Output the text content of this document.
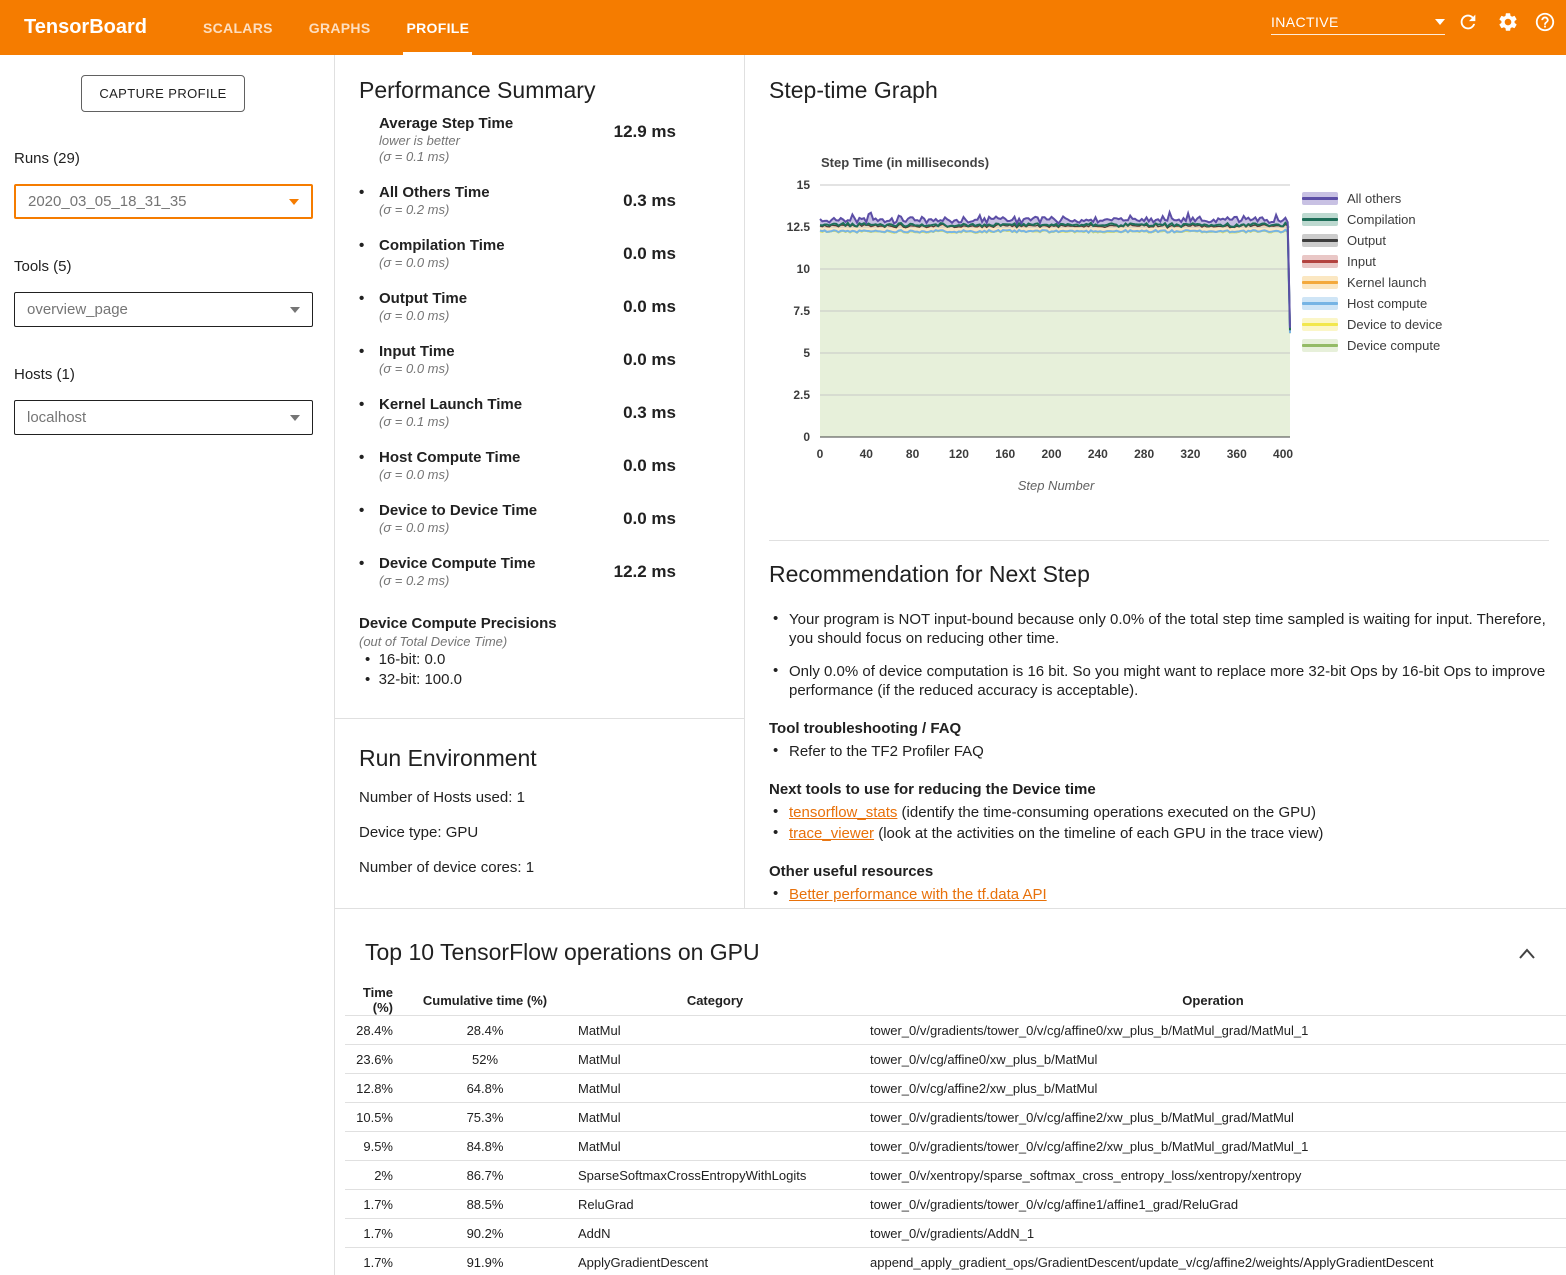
TensorBoard	SCALARS	GRAPHS	PROFILE	INACTIVE
CAPTURE PROFILE
Runs (29)
2020_03_05_18_31_35
Tools (5)
overview_page
Hosts (1)
localhost
Performance Summary
Average Step Time
lower is better
(σ = 0.1 ms)
12.9 ms
• All Others Time
(σ = 0.2 ms)	0.3 ms
• Compilation Time
(σ = 0.0 ms)	0.0 ms
• Output Time
(σ = 0.0 ms)	0.0 ms
• Input Time
(σ = 0.0 ms)	0.0 ms
• Kernel Launch Time
(σ = 0.1 ms)	0.3 ms
• Host Compute Time
(σ = 0.0 ms)	0.0 ms
• Device to Device Time
(σ = 0.0 ms)	0.0 ms
• Device Compute Time
(σ = 0.2 ms)	12.2 ms
Device Compute Precisions
(out of Total Device Time)
•  16-bit: 0.0
•  32-bit: 100.0
Run Environment
Number of Hosts used: 1
Device type: GPU
Number of device cores: 1
Step-time Graph
Step Time (in milliseconds)
0
2.5
5
7.5
10
12.5
15
0	40	80 120 160 200 240 280 320 360 400
Step Number
All others
Compilation
Output
Input
Kernel launch
Host compute
Device to device
Device compute
Recommendation for Next Step
• Your program is NOT input-bound because only 0.0% of the total step time sampled is waiting for input. Therefore, you should focus on reducing other time.
• Only 0.0% of device computation is 16 bit. So you might want to replace more 32-bit Ops by 16-bit Ops to improve performance (if the reduced accuracy is acceptable).
Tool troubleshooting / FAQ
• Refer to the TF2 Profiler FAQ
Next tools to use for reducing the Device time
• tensorflow_stats (identify the time-consuming operations executed on the GPU)
• trace_viewer (look at the activities on the timeline of each GPU in the trace view)
Other useful resources
• Better performance with the tf.data API
Top 10 TensorFlow operations on GPU
Time (%)	Cumulative time (%)	Category	Operation
28.4%	28.4%	MatMul	tower_0/v/gradients/tower_0/v/cg/affine0/xw_plus_b/MatMul_grad/MatMul_1
23.6%	52%	MatMul	tower_0/v/cg/affine0/xw_plus_b/MatMul
12.8%	64.8%	MatMul	tower_0/v/cg/affine2/xw_plus_b/MatMul
10.5%	75.3%	MatMul	tower_0/v/gradients/tower_0/v/cg/affine2/xw_plus_b/MatMul_grad/MatMul
9.5%	84.8%	MatMul	tower_0/v/gradients/tower_0/v/cg/affine2/xw_plus_b/MatMul_grad/MatMul_1
2%	86.7%	SparseSoftmaxCrossEntropyWithLogits	tower_0/v/xentropy/sparse_softmax_cross_entropy_loss/xentropy/xentropy
1.7%	88.5%	ReluGrad	tower_0/v/gradients/tower_0/v/cg/affine1/affine1_grad/ReluGrad
1.7%	90.2%	AddN	tower_0/v/gradients/AddN_1
1.7%	91.9%	ApplyGradientDescent	append_apply_gradient_ops/GradientDescent/update_v/cg/affine2/weights/ApplyGradientDescent
